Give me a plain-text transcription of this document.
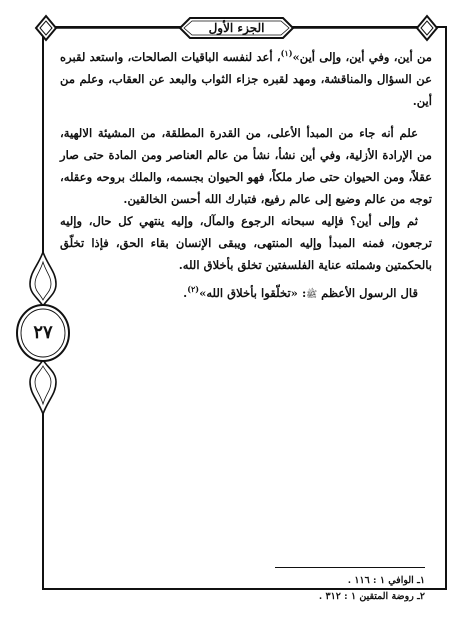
الجزء الأول
٢٧

من أين، وفي أين، وإلى أين»$^{(١)}$، أعد لنفسه الباقيات الصالحات، واستعد لقبره عن السؤال والمناقشة، ومهد لقبره جزاء الثواب والبعد عن العقاب، وعلم من أين.

علم أنه جاء من المبدأ الأعلى، من القدرة المطلقة، من المشيئة الالهية، من الإرادة الأزلية، وفي أين نشأ، نشأ من عالم العناصر ومن المادة حتى صار عقلاً، ومن الحيوان حتى صار ملكاً، فهو الحيوان بجسمه، والملك بروحه وعقله، توجه من عالم وضيع إلى عالم رفيع، فتبارك الله أحسن الخالقين.

ثم وإلى أين؟ فإليه سبحانه الرجوع والمآل، وإليه ينتهي كل حال، وإليه ترجعون، فمنه المبدأ وإليه المنتهى، ويبقى الإنسان بقاء الحق، فإذا تخلّق بالحكمتين وشملته عناية الفلسفتين تخلق بأخلاق الله.

قال الرسول الأعظم ﷺ: «تخلّقوا بأخلاق الله»$^{(٢)}$.

١ـ الوافي ١ : ١١٦ .
٢ـ روضة المتقين ١ : ٣١٢ .
